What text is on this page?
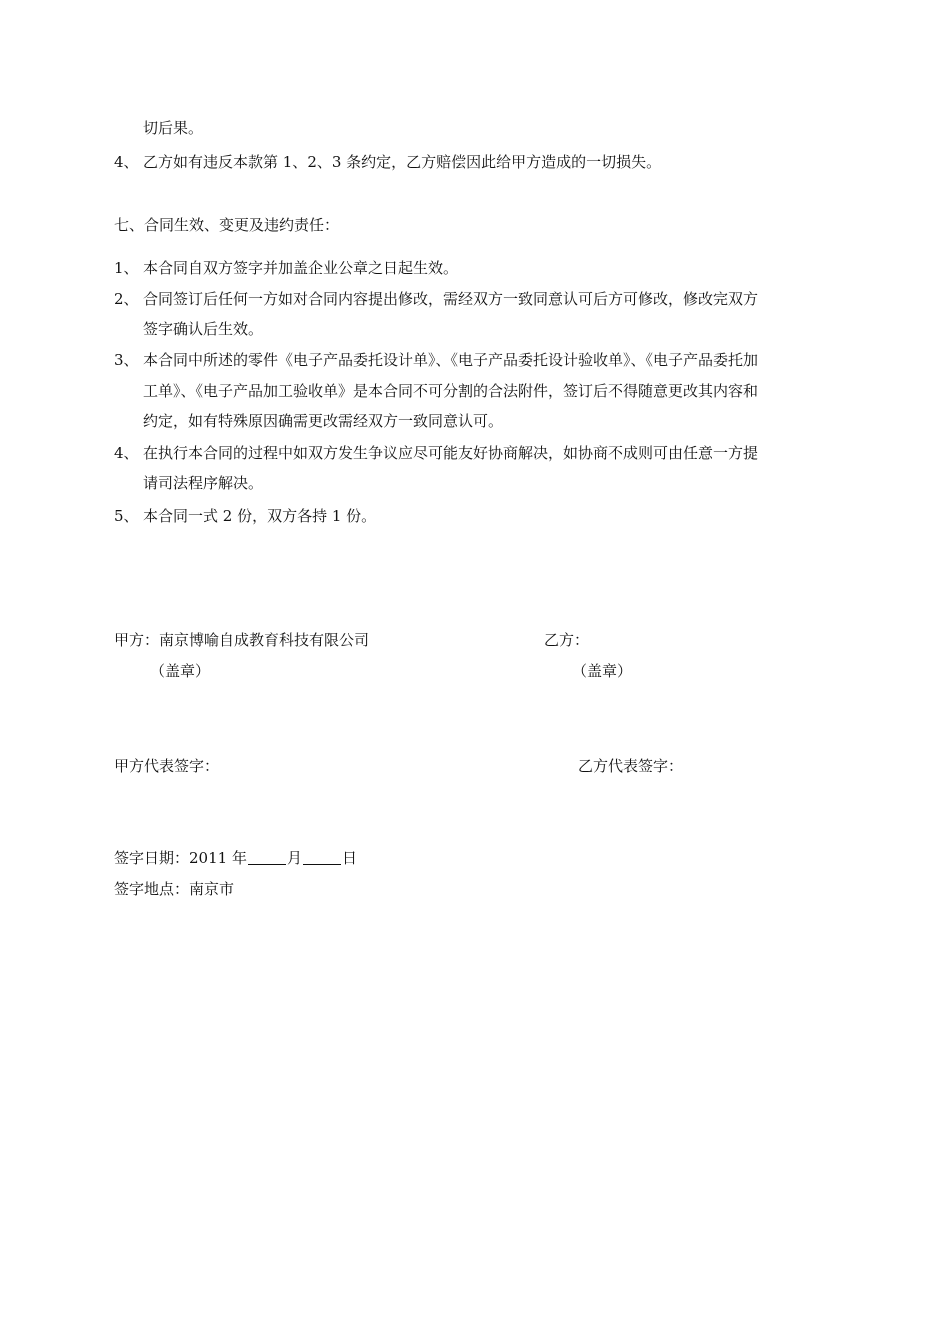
切后果。
4、 乙方如有违反本款第 1、2、3 条约定，乙方赔偿因此给甲方造成的一切损失。
七、合同生效、变更及违约责任：
1、 本合同自双方签字并加盖企业公章之日起生效。
2、 合同签订后任何一方如对合同内容提出修改，需经双方一致同意认可后方可修改，修改完双方
签字确认后生效。
3、 本合同中所述的零件《电子产品委托设计单》、《电子产品委托设计验收单》、《电子产品委托加
工单》、《电子产品加工验收单》是本合同不可分割的合法附件，签订后不得随意更改其内容和
约定，如有特殊原因确需更改需经双方一致同意认可。
4、 在执行本合同的过程中如双方发生争议应尽可能友好协商解决，如协商不成则可由任意一方提
请司法程序解决。
5、 本合同一式 2 份，双方各持 1 份。
甲方：南京博喻自成教育科技有限公司	乙方：
（盖章）	（盖章）
甲方代表签字：	乙方代表签字：
签字日期：2011 年	月	日
签字地点：南京市
